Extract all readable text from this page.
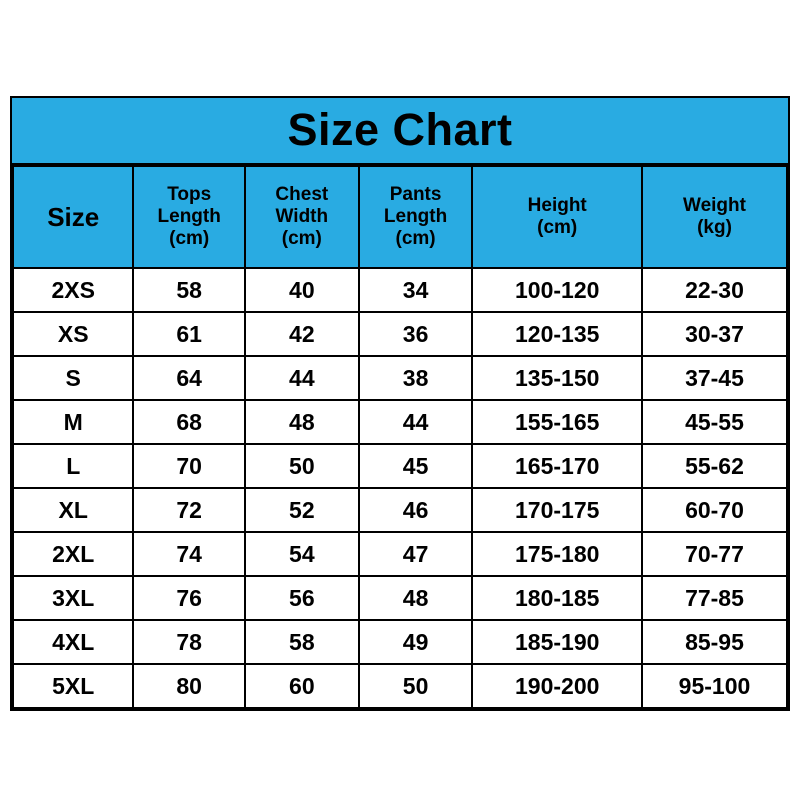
Size Chart
Size	Tops
Length
(cm)	Chest
Width
(cm)	Pants
Length
(cm)	Height
(cm)	Weight
(kg)

2XS	58	40	34	100-120	22-30
XS	61	42	36	120-135	30-37
S	64	44	38	135-150	37-45
M	68	48	44	155-165	45-55
L	70	50	45	165-170	55-62
XL	72	52	46	170-175	60-70
2XL	74	54	47	175-180	70-77
3XL	76	56	48	180-185	77-85
4XL	78	58	49	185-190	85-95
5XL	80	60	50	190-200	95-100
